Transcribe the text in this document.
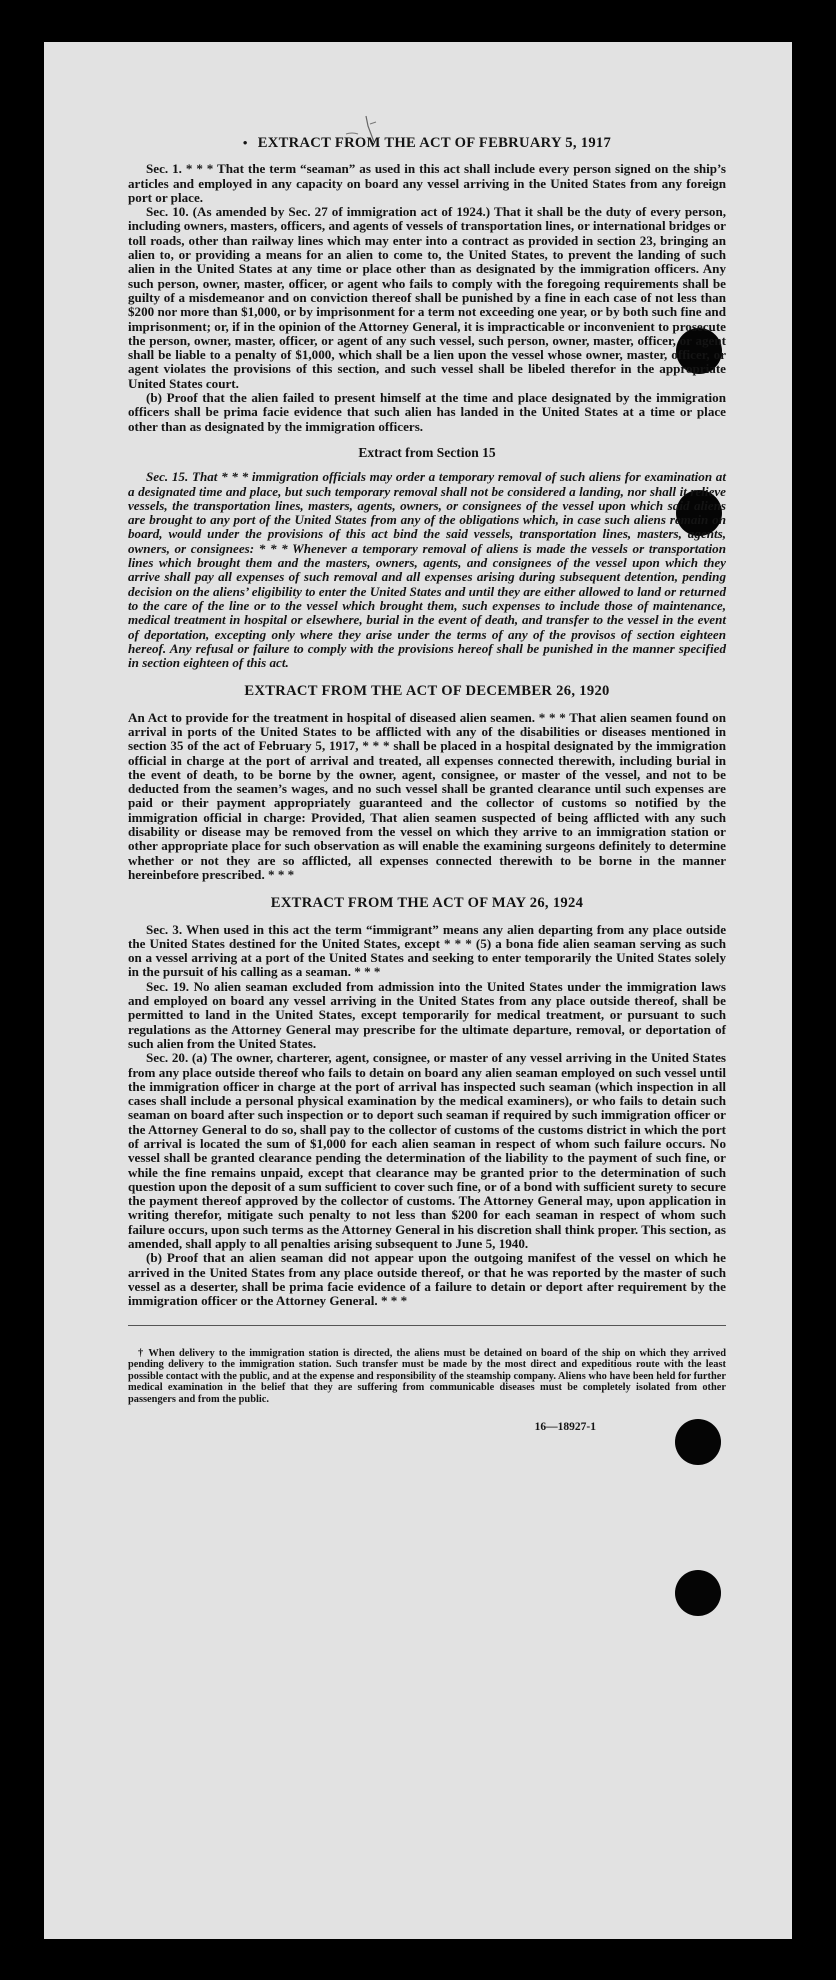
• EXTRACT FROM THE ACT OF FEBRUARY 5, 1917

Sec. 1. * * * That the term “seaman” as used in this act shall include every person signed on the ship’s articles and employed in any capacity on board any vessel arriving in the United States from any foreign port or place.

Sec. 10. (As amended by Sec. 27 of immigration act of 1924.) That it shall be the duty of every person, including owners, masters, officers, and agents of vessels of transportation lines, or international bridges or toll roads, other than railway lines which may enter into a contract as provided in section 23, bringing an alien to, or providing a means for an alien to come to, the United States, to prevent the landing of such alien in the United States at any time or place other than as designated by the immigration officers. Any such person, owner, master, officer, or agent who fails to comply with the foregoing requirements shall be guilty of a misdemeanor and on conviction thereof shall be punished by a fine in each case of not less than $200 nor more than $1,000, or by imprisonment for a term not exceeding one year, or by both such fine and imprisonment; or, if in the opinion of the Attorney General, it is impracticable or inconvenient to prosecute the person, owner, master, officer, or agent of any such vessel, such person, owner, master, officer, or agent shall be liable to a penalty of $1,000, which shall be a lien upon the vessel whose owner, master, officer, or agent violates the provisions of this section, and such vessel shall be libeled therefor in the appropriate United States court.

(b) Proof that the alien failed to present himself at the time and place designated by the immigration officers shall be prima facie evidence that such alien has landed in the United States at a time or place other than as designated by the immigration officers.

Extract from Section 15

Sec. 15. That * * * immigration officials may order a temporary removal of such aliens for examination at a designated time and place, but such temporary removal shall not be considered a landing, nor shall it relieve vessels, the transportation lines, masters, agents, owners, or consignees of the vessel upon which said aliens are brought to any port of the United States from any of the obligations which, in case such aliens remain on board, would under the provisions of this act bind the said vessels, transportation lines, masters, agents, owners, or consignees: * * * Whenever a temporary removal of aliens is made the vessels or transportation lines which brought them and the masters, owners, agents, and consignees of the vessel upon which they arrive shall pay all expenses of such removal and all expenses arising during subsequent detention, pending decision on the aliens’ eligibility to enter the United States and until they are either allowed to land or returned to the care of the line or to the vessel which brought them, such expenses to include those of maintenance, medical treatment in hospital or elsewhere, burial in the event of death, and transfer to the vessel in the event of deportation, excepting only where they arise under the terms of any of the provisos of section eighteen hereof. Any refusal or failure to comply with the provisions hereof shall be punished in the manner specified in section eighteen of this act.

EXTRACT FROM THE ACT OF DECEMBER 26, 1920

An Act to provide for the treatment in hospital of diseased alien seamen. * * * That alien seamen found on arrival in ports of the United States to be afflicted with any of the disabilities or diseases mentioned in section 35 of the act of February 5, 1917, * * * shall be placed in a hospital designated by the immigration official in charge at the port of arrival and treated, all expenses connected therewith, including burial in the event of death, to be borne by the owner, agent, consignee, or master of the vessel, and not to be deducted from the seamen’s wages, and no such vessel shall be granted clearance until such expenses are paid or their payment appropriately guaranteed and the collector of customs so notified by the immigration official in charge: Provided, That alien seamen suspected of being afflicted with any such disability or disease may be removed from the vessel on which they arrive to an immigration station or other appropriate place for such observation as will enable the examining surgeons definitely to determine whether or not they are so afflicted, all expenses connected therewith to be borne in the manner hereinbefore prescribed. * * *

EXTRACT FROM THE ACT OF MAY 26, 1924

Sec. 3. When used in this act the term “immigrant” means any alien departing from any place outside the United States destined for the United States, except * * * (5) a bona fide alien seaman serving as such on a vessel arriving at a port of the United States and seeking to enter temporarily the United States solely in the pursuit of his calling as a seaman. * * *

Sec. 19. No alien seaman excluded from admission into the United States under the immigration laws and employed on board any vessel arriving in the United States from any place outside thereof, shall be permitted to land in the United States, except temporarily for medical treatment, or pursuant to such regulations as the Attorney General may prescribe for the ultimate departure, removal, or deportation of such alien from the United States.

Sec. 20. (a) The owner, charterer, agent, consignee, or master of any vessel arriving in the United States from any place outside thereof who fails to detain on board any alien seaman employed on such vessel until the immigration officer in charge at the port of arrival has inspected such seaman (which inspection in all cases shall include a personal physical examination by the medical examiners), or who fails to detain such seaman on board after such inspection or to deport such seaman if required by such immigration officer or the Attorney General to do so, shall pay to the collector of customs of the customs district in which the port of arrival is located the sum of $1,000 for each alien seaman in respect of whom such failure occurs. No vessel shall be granted clearance pending the determination of the liability to the payment of such fine, or while the fine remains unpaid, except that clearance may be granted prior to the determination of such question upon the deposit of a sum sufficient to cover such fine, or of a bond with sufficient surety to secure the payment thereof approved by the collector of customs. The Attorney General may, upon application in writing therefor, mitigate such penalty to not less than $200 for each seaman in respect of whom such failure occurs, upon such terms as the Attorney General in his discretion shall think proper. This section, as amended, shall apply to all penalties arising subsequent to June 5, 1940.

(b) Proof that an alien seaman did not appear upon the outgoing manifest of the vessel on which he arrived in the United States from any place outside thereof, or that he was reported by the master of such vessel as a deserter, shall be prima facie evidence of a failure to detain or deport after requirement by the immigration officer or the Attorney General. * * *

† When delivery to the immigration station is directed, the aliens must be detained on board of the ship on which they arrived pending delivery to the immigration station. Such transfer must be made by the most direct and expeditious route with the least possible contact with the public, and at the expense and responsibility of the steamship company. Aliens who have been held for further medical examination in the belief that they are suffering from communicable diseases must be completely isolated from other passengers and from the public.

16—18927-1
